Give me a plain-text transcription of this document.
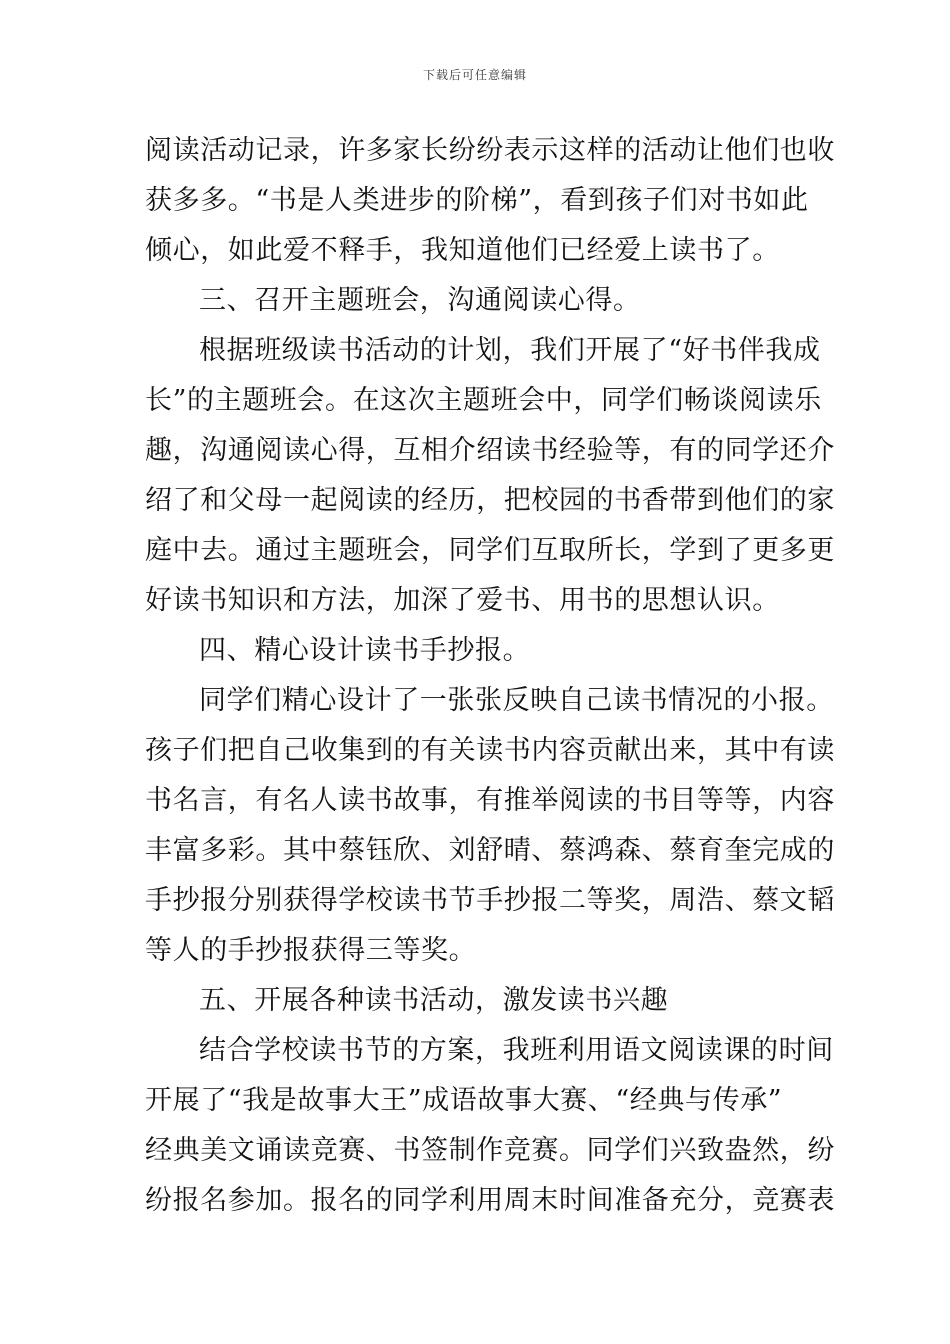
下载后可任意编辑
阅读活动记录，许多家长纷纷表示这样的活动让他们也收
获多多。“书是人类进步的阶梯”，看到孩子们对书如此
倾心，如此爱不释手，我知道他们已经爱上读书了。
三、召开主题班会，沟通阅读心得。
根据班级读书活动的计划，我们开展了“好书伴我成
长”的主题班会。在这次主题班会中，同学们畅谈阅读乐
趣，沟通阅读心得，互相介绍读书经验等，有的同学还介
绍了和父母一起阅读的经历，把校园的书香带到他们的家
庭中去。通过主题班会，同学们互取所长，学到了更多更
好读书知识和方法，加深了爱书、用书的思想认识。
四、精心设计读书手抄报。
同学们精心设计了一张张反映自己读书情况的小报。
孩子们把自己收集到的有关读书内容贡献出来，其中有读
书名言，有名人读书故事，有推举阅读的书目等等，内容
丰富多彩。其中蔡钰欣、刘舒晴、蔡鸿森、蔡育奎完成的
手抄报分别获得学校读书节手抄报二等奖，周浩、蔡文韬
等人的手抄报获得三等奖。
五、开展各种读书活动，激发读书兴趣
结合学校读书节的方案，我班利用语文阅读课的时间
开展了“我是故事大王”成语故事大赛、“经典与传承”
经典美文诵读竞赛、书签制作竞赛。同学们兴致盎然，纷
纷报名参加。报名的同学利用周末时间准备充分，竞赛表
